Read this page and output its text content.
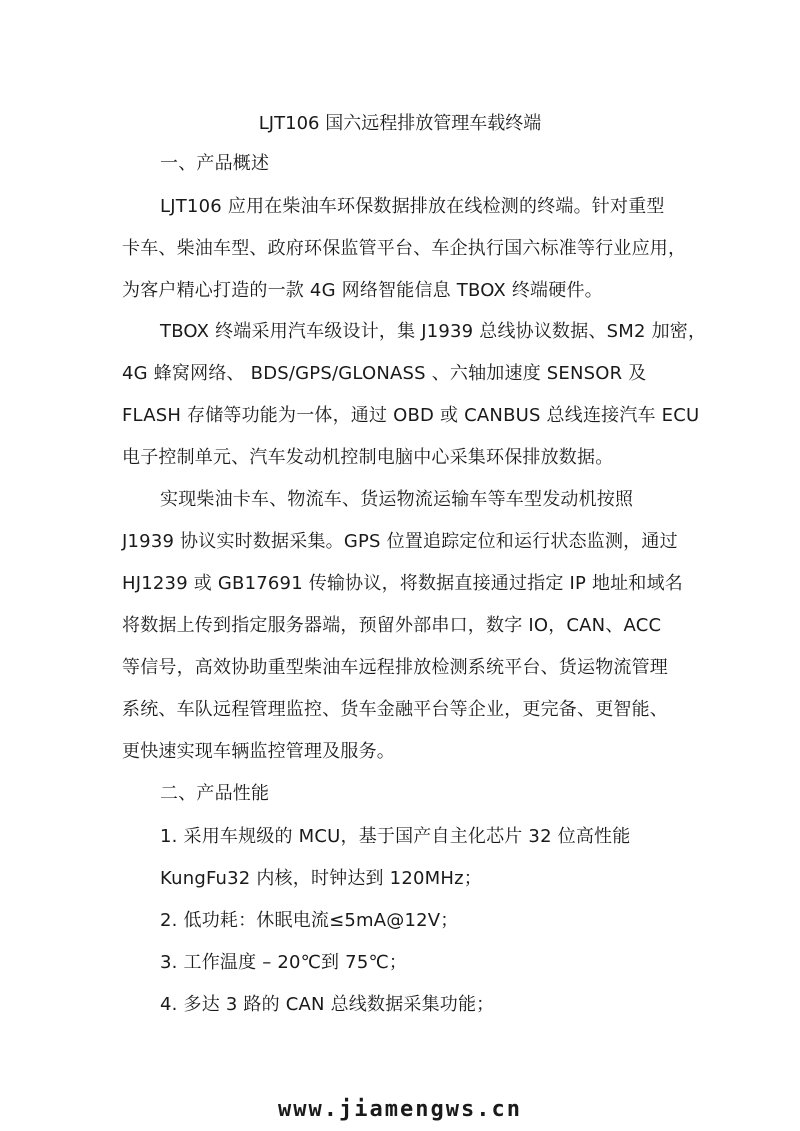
LJT106 国六远程排放管理车载终端
一、产品概述
LJT106 应用在柴油车环保数据排放在线检测的终端。针对重型
卡车、柴油车型、政府环保监管平台、车企执行国六标准等行业应用，
为客户精心打造的一款 4G 网络智能信息 TBOX 终端硬件。
TBOX 终端采用汽车级设计，集 J1939 总线协议数据、SM2 加密，
4G 蜂窝网络、 BDS/GPS/GLONASS 、六轴加速度 SENSOR 及
FLASH 存储等功能为一体，通过 OBD 或 CANBUS 总线连接汽车 ECU
电子控制单元、汽车发动机控制电脑中心采集环保排放数据。
实现柴油卡车、物流车、货运物流运输车等车型发动机按照
J1939 协议实时数据采集。GPS 位置追踪定位和运行状态监测，通过
HJ1239 或 GB17691 传输协议，将数据直接通过指定 IP 地址和域名
将数据上传到指定服务器端，预留外部串口，数字 IO，CAN、ACC
等信号，高效协助重型柴油车远程排放检测系统平台、货运物流管理
系统、车队远程管理监控、货车金融平台等企业，更完备、更智能、
更快速实现车辆监控管理及服务。
二、产品性能
1. 采用车规级的 MCU，基于国产自主化芯片 32 位高性能
KungFu32 内核，时钟达到 120MHz；
2. 低功耗：休眠电流≤5mA@12V；
3. 工作温度 – 20℃到 75℃；
4. 多达 3 路的 CAN 总线数据采集功能；
www.jiamengws.cn
